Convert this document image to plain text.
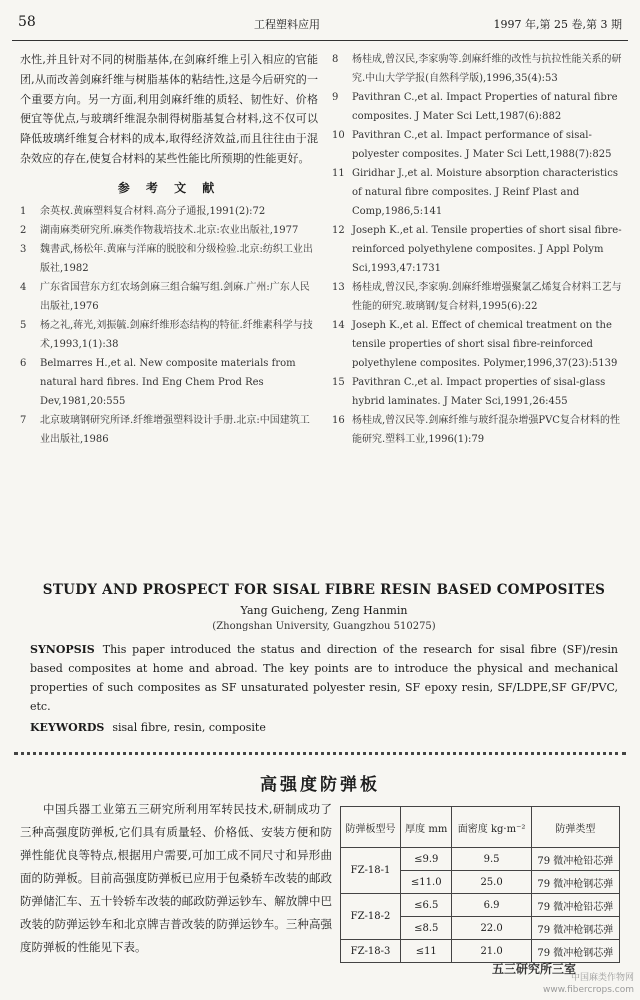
58	工程塑料应用	1997 年,第 25 卷,第 3 期

水性,并且针对不同的树脂基体,在剑麻纤维上引入相应的官能团,从而改善剑麻纤维与树脂基体的粘结性,这是今后研究的一个重要方向。另一方面,利用剑麻纤维的质轻、韧性好、价格便宜等优点,与玻璃纤维混杂制得树脂基复合材料,这不仅可以降低玻璃纤维复合材料的成本,取得经济效益,而且往往由于混杂效应的存在,使复合材料的某些性能比所预期的性能更好。

参 考 文 献
1	余英权.黄麻塑料复合材料.高分子通报,1991(2):72
2	湖南麻类研究所.麻类作物栽培技术.北京:农业出版社,1977
3	魏書武,杨松年.黄麻与洋麻的脱胶和分级检验.北京:纺织工业出版社,1982
4	广东省国营东方红农场剑麻三组合编写组.剑麻.广州:广东人民出版社,1976
5	杨之礼,蒋光,刘振毓.剑麻纤维形态结构的特征.纤维素科学与技术,1993,1(1):38
6	Belmarres H.,et al. New composite materials from natural hard fibres. Ind Eng Chem Prod Res Dev,1981,20:555
7	北京玻璃钢研究所译.纤维增强塑料设计手册.北京:中国建筑工业出版社,1986
8	杨桂成,曾汉民,李家驹等.剑麻纤维的改性与抗拉性能关系的研究.中山大学学报(自然科学版),1996,35(4):53
9	Pavithran C.,et al. Impact Properties of natural fibre composites. J Mater Sci Lett,1987(6):882
10 Pavithran C.,et al. Impact performance of sisal-polyester composites. J Mater Sci Lett,1988(7):825
11 Giridhar J.,et al. Moisture absorption characteristics of natural fibre composites. J Reinf Plast and Comp,1986,5:141
12 Joseph K.,et al. Tensile properties of short sisal fibre-reinforced polyethylene composites. J Appl Polym Sci,1993,47:1731
13 杨桂成,曾汉民,李家驹.剑麻纤维增强聚氯乙烯复合材料工艺与性能的研究.玻璃钢/复合材料,1995(6):22
14 Joseph K.,et al. Effect of chemical treatment on the tensile properties of short sisal fibre-reinforced polyethylene composites. Polymer,1996,37(23):5139
15 Pavithran C.,et al. Impact properties of sisal-glass hybrid laminates. J Mater Sci,1991,26:455
16 杨桂成,曾汉民等.剑麻纤维与玻纤混杂增强PVC复合材料的性能研究.塑料工业,1996(1):79
STUDY AND PROSPECT FOR SISAL FIBRE RESIN BASED COMPOSITES
Yang Guicheng, Zeng Hanmin
(Zhongshan University, Guangzhou 510275)

SYNOPSIS This paper introduced the status and direction of the research for sisal fibre (SF)/resin based composites at home and abroad. The key points are to introduce the physical and mechanical properties of such composites as SF unsaturated polyester resin, SF epoxy resin, SF/LDPE,SF GF/PVC, etc.

KEYWORDS sisal fibre, resin, composite

高强度防弹板

中国兵器工业第五三研究所利用军转民技术,研制成功了三种高强度防弹板,它们具有质量轻、价格低、安装方便和防弹性能优良等特点,根据用户需要,可加工成不同尺寸和异形曲面的防弹板。目前高强度防弹板已应用于包桑轿车改装的邮政防弹储汇车、五十铃轿车改装的邮政防弹运钞车、解放牌中巴改装的防弹运钞车和北京牌吉普改装的防弹运钞车。三种高强度防弹板的性能见下表。

防弹板型号	厚度 mm	面密度 kg·m⁻²	防弹类型
FZ-18-1	≤9.9	9.5	79 微冲枪铅芯弹
	≤11.0	25.0	79 微冲枪钢芯弹
FZ-18-2	≤6.5	6.9	79 微冲枪铅芯弹
	≤8.5	22.0	79 微冲枪钢芯弹
FZ-18-3	≤11	21.0	79 微冲枪钢芯弹
五三研究所三室
中国麻类作物网
www.fibercrops.com
